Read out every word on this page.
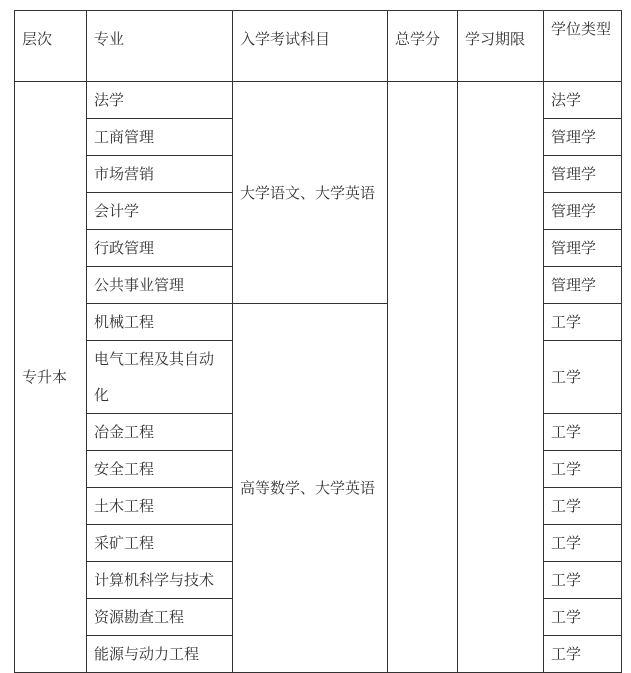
层次	专业	入学考试科目	总学分	学习期限	学位类型
专升本	法学	大学语文、大学英语			法学
	工商管理				管理学
	市场营销				管理学
	会计学				管理学
	行政管理				管理学
	公共事业管理				管理学
	机械工程	高等数学、大学英语			工学
	电气工程及其自动化				工学
	冶金工程				工学
	安全工程				工学
	土木工程				工学
	采矿工程				工学
	计算机科学与技术				工学
	资源勘查工程				工学
	能源与动力工程				工学
